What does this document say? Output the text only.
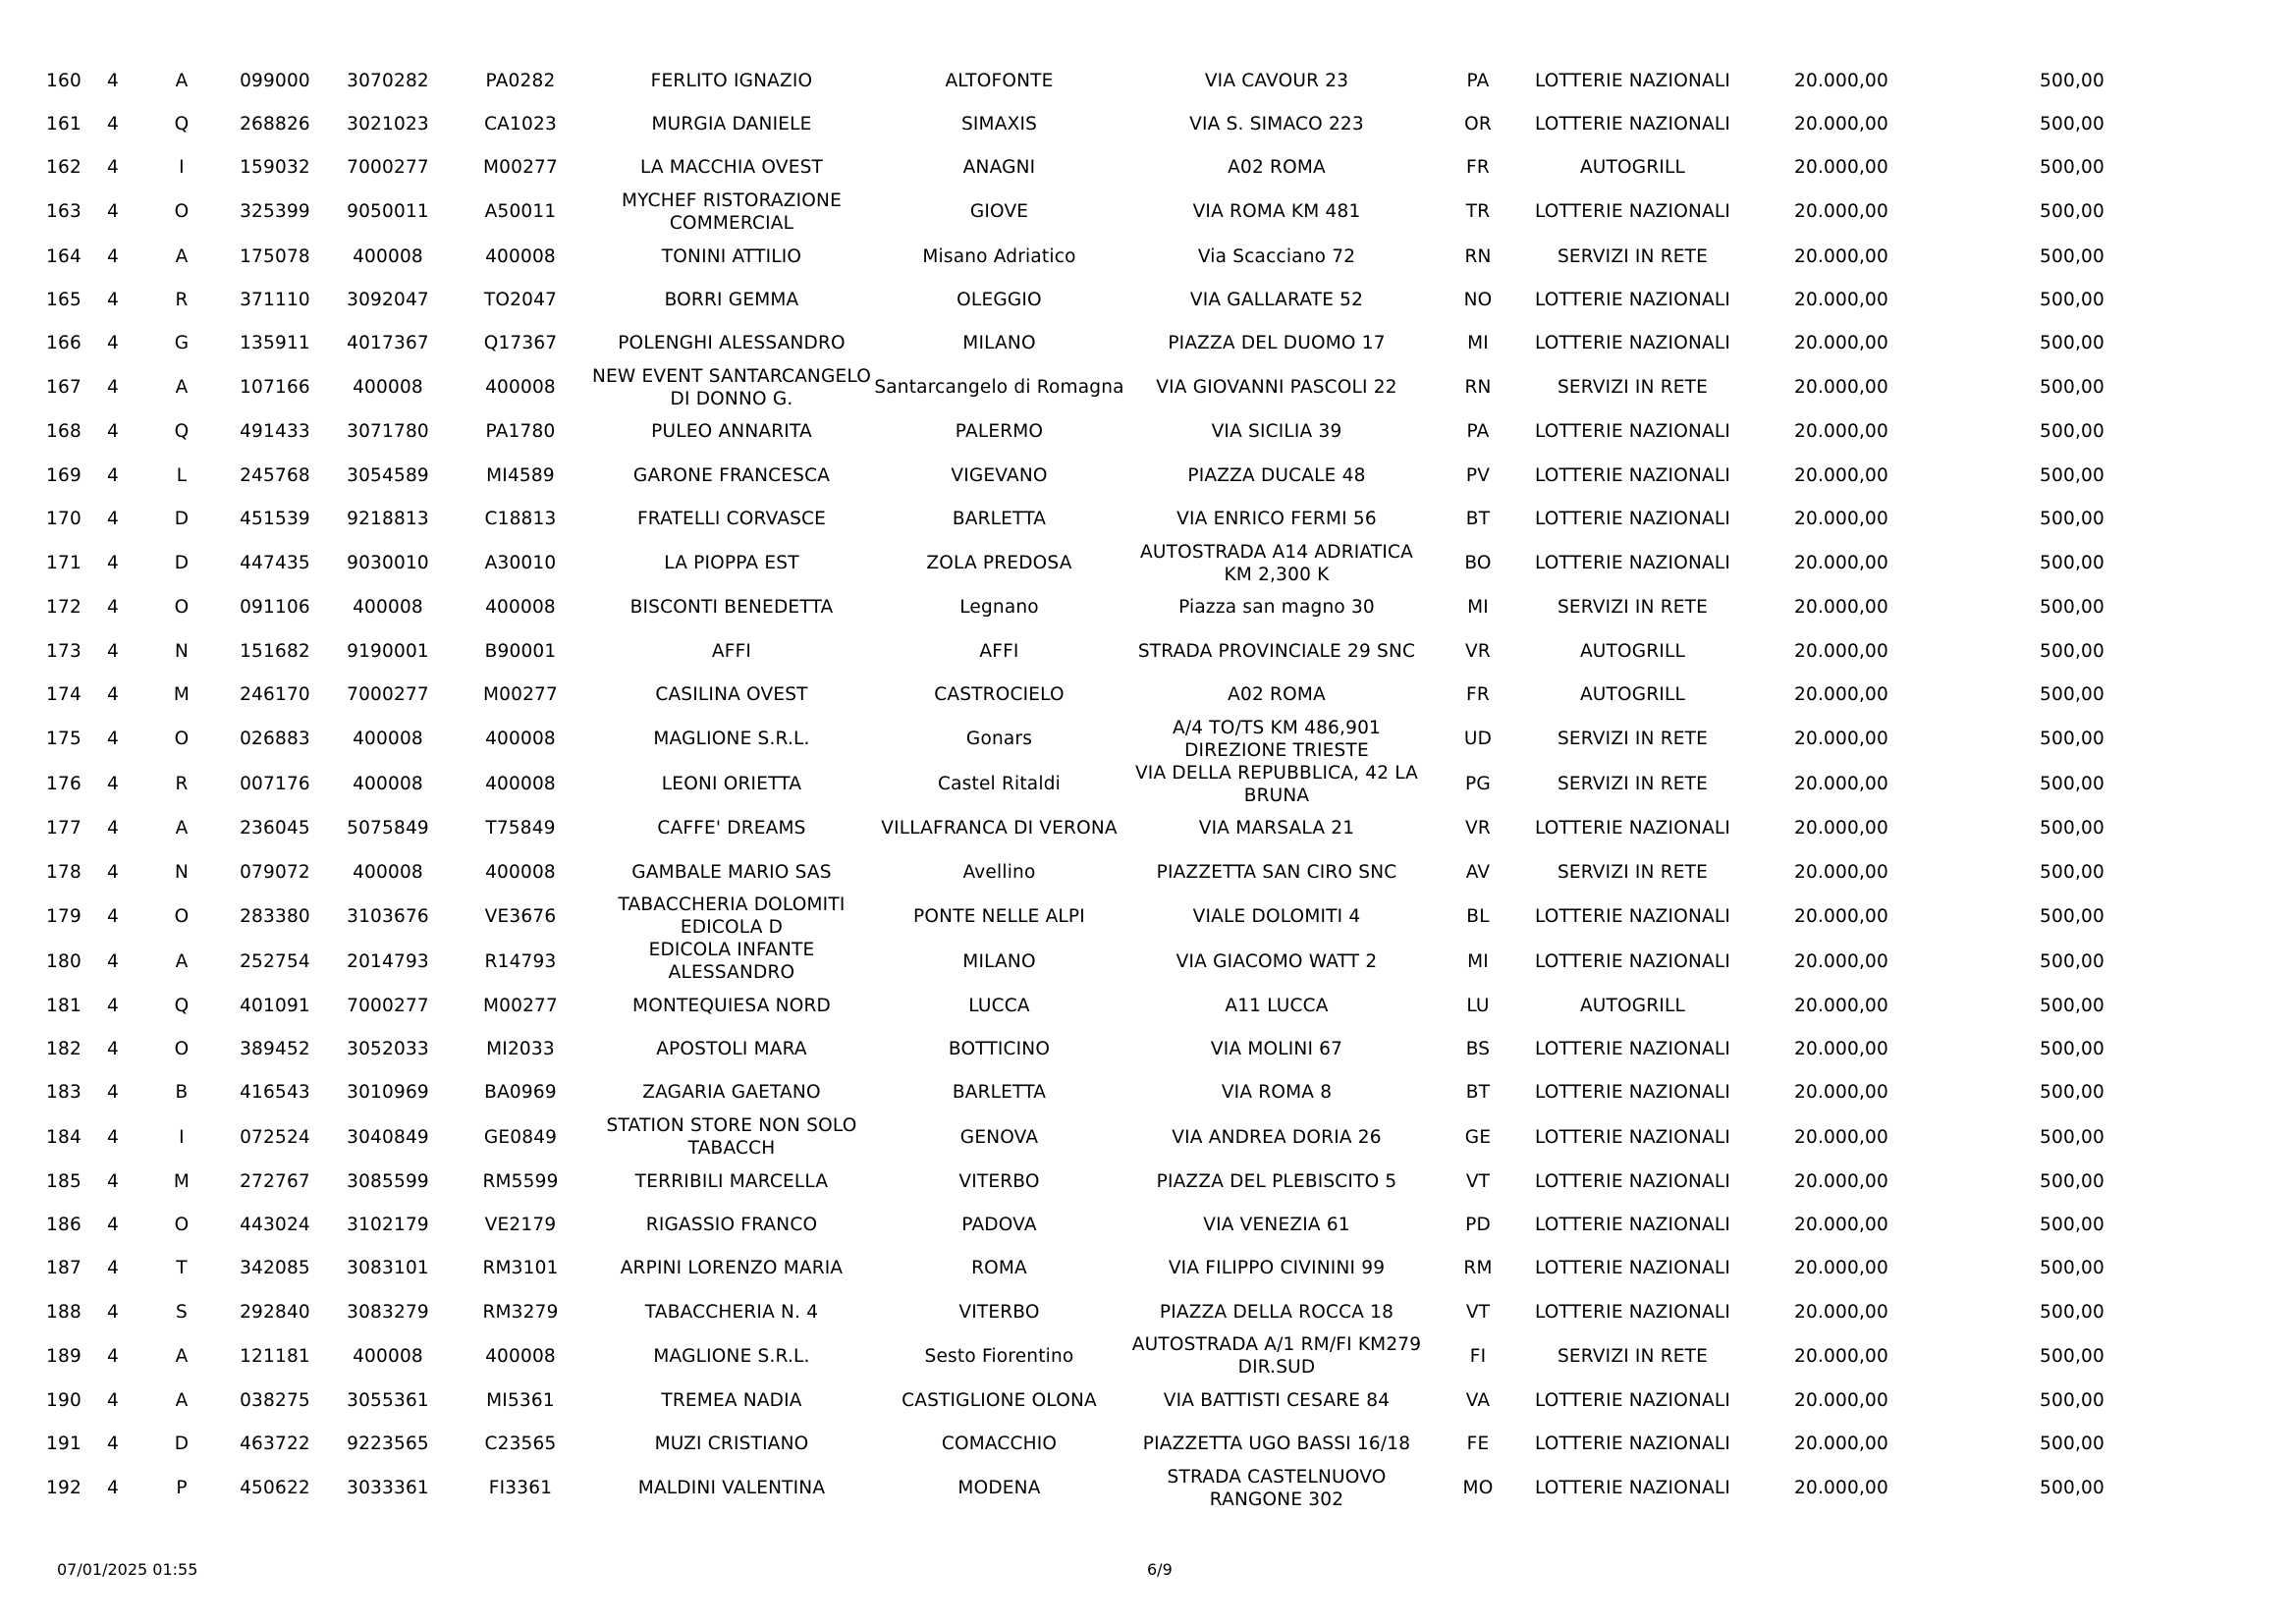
160	4	A	099000	3070282	PA0282	FERLITO IGNAZIO	ALTOFONTE	VIA CAVOUR 23	PA	LOTTERIE NAZIONALI	20.000,00	500,00
161	4	Q	268826	3021023	CA1023	MURGIA DANIELE	SIMAXIS	VIA S. SIMACO 223	OR	LOTTERIE NAZIONALI	20.000,00	500,00
162	4	I	159032	7000277	M00277	LA MACCHIA OVEST	ANAGNI	A02 ROMA	FR	AUTOGRILL	20.000,00	500,00
163	4	O	325399	9050011	A50011	MYCHEF RISTORAZIONE COMMERCIAL	GIOVE	VIA ROMA KM 481	TR	LOTTERIE NAZIONALI	20.000,00	500,00
164	4	A	175078	400008	400008	TONINI ATTILIO	Misano Adriatico	Via Scacciano 72	RN	SERVIZI IN RETE	20.000,00	500,00
165	4	R	371110	3092047	TO2047	BORRI GEMMA	OLEGGIO	VIA GALLARATE 52	NO	LOTTERIE NAZIONALI	20.000,00	500,00
166	4	G	135911	4017367	Q17367	POLENGHI ALESSANDRO	MILANO	PIAZZA DEL DUOMO 17	MI	LOTTERIE NAZIONALI	20.000,00	500,00
167	4	A	107166	400008	400008	NEW EVENT SANTARCANGELO DI DONNO G.	Santarcangelo di Romagna	VIA GIOVANNI PASCOLI 22	RN	SERVIZI IN RETE	20.000,00	500,00
168	4	Q	491433	3071780	PA1780	PULEO ANNARITA	PALERMO	VIA SICILIA 39	PA	LOTTERIE NAZIONALI	20.000,00	500,00
169	4	L	245768	3054589	MI4589	GARONE FRANCESCA	VIGEVANO	PIAZZA DUCALE 48	PV	LOTTERIE NAZIONALI	20.000,00	500,00
170	4	D	451539	9218813	C18813	FRATELLI CORVASCE	BARLETTA	VIA ENRICO FERMI 56	BT	LOTTERIE NAZIONALI	20.000,00	500,00
171	4	D	447435	9030010	A30010	LA PIOPPA EST	ZOLA PREDOSA	AUTOSTRADA A14 ADRIATICA KM 2,300 K	BO	LOTTERIE NAZIONALI	20.000,00	500,00
172	4	O	091106	400008	400008	BISCONTI BENEDETTA	Legnano	Piazza san magno 30	MI	SERVIZI IN RETE	20.000,00	500,00
173	4	N	151682	9190001	B90001	AFFI	AFFI	STRADA PROVINCIALE 29 SNC	VR	AUTOGRILL	20.000,00	500,00
174	4	M	246170	7000277	M00277	CASILINA OVEST	CASTROCIELO	A02 ROMA	FR	AUTOGRILL	20.000,00	500,00
175	4	O	026883	400008	400008	MAGLIONE S.R.L.	Gonars	A/4 TO/TS KM 486,901 DIREZIONE TRIESTE	UD	SERVIZI IN RETE	20.000,00	500,00
176	4	R	007176	400008	400008	LEONI ORIETTA	Castel Ritaldi	VIA DELLA REPUBBLICA, 42 LA BRUNA	PG	SERVIZI IN RETE	20.000,00	500,00
177	4	A	236045	5075849	T75849	CAFFE' DREAMS	VILLAFRANCA DI VERONA	VIA MARSALA 21	VR	LOTTERIE NAZIONALI	20.000,00	500,00
178	4	N	079072	400008	400008	GAMBALE MARIO SAS	Avellino	PIAZZETTA SAN CIRO SNC	AV	SERVIZI IN RETE	20.000,00	500,00
179	4	O	283380	3103676	VE3676	TABACCHERIA DOLOMITI EDICOLA D	PONTE NELLE ALPI	VIALE DOLOMITI 4	BL	LOTTERIE NAZIONALI	20.000,00	500,00
180	4	A	252754	2014793	R14793	EDICOLA INFANTE ALESSANDRO	MILANO	VIA GIACOMO WATT 2	MI	LOTTERIE NAZIONALI	20.000,00	500,00
181	4	Q	401091	7000277	M00277	MONTEQUIESA NORD	LUCCA	A11 LUCCA	LU	AUTOGRILL	20.000,00	500,00
182	4	O	389452	3052033	MI2033	APOSTOLI MARA	BOTTICINO	VIA MOLINI 67	BS	LOTTERIE NAZIONALI	20.000,00	500,00
183	4	B	416543	3010969	BA0969	ZAGARIA GAETANO	BARLETTA	VIA ROMA 8	BT	LOTTERIE NAZIONALI	20.000,00	500,00
184	4	I	072524	3040849	GE0849	STATION STORE NON SOLO TABACCH	GENOVA	VIA ANDREA DORIA 26	GE	LOTTERIE NAZIONALI	20.000,00	500,00
185	4	M	272767	3085599	RM5599	TERRIBILI MARCELLA	VITERBO	PIAZZA DEL PLEBISCITO 5	VT	LOTTERIE NAZIONALI	20.000,00	500,00
186	4	O	443024	3102179	VE2179	RIGASSIO FRANCO	PADOVA	VIA VENEZIA 61	PD	LOTTERIE NAZIONALI	20.000,00	500,00
187	4	T	342085	3083101	RM3101	ARPINI LORENZO MARIA	ROMA	VIA FILIPPO CIVININI 99	RM	LOTTERIE NAZIONALI	20.000,00	500,00
188	4	S	292840	3083279	RM3279	TABACCHERIA N. 4	VITERBO	PIAZZA DELLA ROCCA 18	VT	LOTTERIE NAZIONALI	20.000,00	500,00
189	4	A	121181	400008	400008	MAGLIONE S.R.L.	Sesto Fiorentino	AUTOSTRADA A/1 RM/FI KM279 DIR.SUD	FI	SERVIZI IN RETE	20.000,00	500,00
190	4	A	038275	3055361	MI5361	TREMEA NADIA	CASTIGLIONE OLONA	VIA BATTISTI CESARE 84	VA	LOTTERIE NAZIONALI	20.000,00	500,00
191	4	D	463722	9223565	C23565	MUZI CRISTIANO	COMACCHIO	PIAZZETTA UGO BASSI 16/18	FE	LOTTERIE NAZIONALI	20.000,00	500,00
192	4	P	450622	3033361	FI3361	MALDINI VALENTINA	MODENA	STRADA CASTELNUOVO RANGONE 302	MO	LOTTERIE NAZIONALI	20.000,00	500,00
07/01/2025 01:55	6/9
